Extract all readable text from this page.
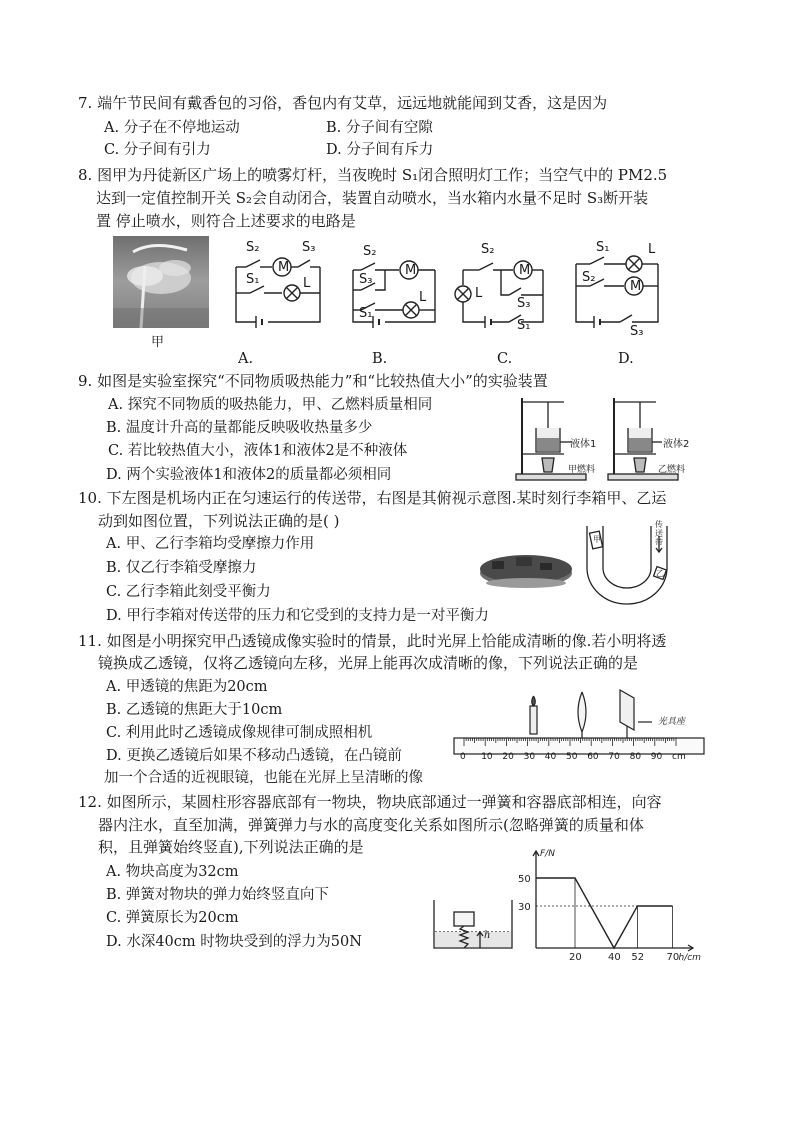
7. 端午节民间有戴香包的习俗，香包内有艾草，远远地就能闻到艾香，这是因为
A. 分子在不停地运动	B. 分子间有空隙
C. 分子间有引力	D. 分子间有斥力
8. 图甲为丹徒新区广场上的喷雾灯杆，当夜晚时 S₁闭合照明灯工作；当空气中的 PM2.5
达到一定值控制开关 S₂会自动闭合，装置自动喷水，当水箱内水量不足时 S₃断开装
置 停止喷水，则符合上述要求的电路是
甲
S₂	S₃
S₁
M
L
A.
S₂
S₃
S₁
M
L
B.
S₂
S₃
S₁
M
L
C.
S₁
S₂
S₃
M
L
D.
9. 如图是实验室探究“不同物质吸热能力”和“比较热值大小”的实验装置
A. 探究不同物质的吸热能力，甲、乙燃料质量相同
B. 温度计升高的量都能反映吸收热量多少
C. 若比较热值大小，液体1和液体2是不种液体
D. 两个实验液体1和液体2的质量都必须相同
液体1	液体2
甲燃料	乙燃料
10. 下左图是机场内正在匀速运行的传送带，右图是其俯视示意图.某时刻行李箱甲、乙运
动到如图位置，下列说法正确的是( )
A. 甲、乙行李箱均受摩擦力作用
B. 仅乙行李箱受摩擦力
C. 乙行李箱此刻受平衡力
D. 甲行李箱对传送带的压力和它受到的支持力是一对平衡力
传送带
甲
乙
11. 如图是小明探究甲凸透镜成像实验时的情景，此时光屏上恰能成清晰的像.若小明将透
镜换成乙透镜，仅将乙透镜向左移，光屏上能再次成清晰的像，下列说法正确的是
A. 甲透镜的焦距为20cm
B. 乙透镜的焦距大于10cm
C. 利用此时乙透镜成像规律可制成照相机
D. 更换乙透镜后如果不移动凸透镜，在凸镜前
加一个合适的近视眼镜，也能在光屏上呈清晰的像
光具座
0 10 20 30 40 50 60 70 80 90 cm
12. 如图所示，某圆柱形容器底部有一物块，物块底部通过一弹簧和容器底部相连，向容
器内注水，直至加满，弹簧弹力与水的高度变化关系如图所示(忽略弹簧的质量和体
积，且弹簧始终竖直),下列说法正确的是
A. 物块高度为32cm
B. 弹簧对物块的弹力始终竖直向下
C. 弹簧原长为20cm
D. 水深40cm 时物块受到的浮力为50N	h
20	40 52 70
50
30
F/N
h/cm
